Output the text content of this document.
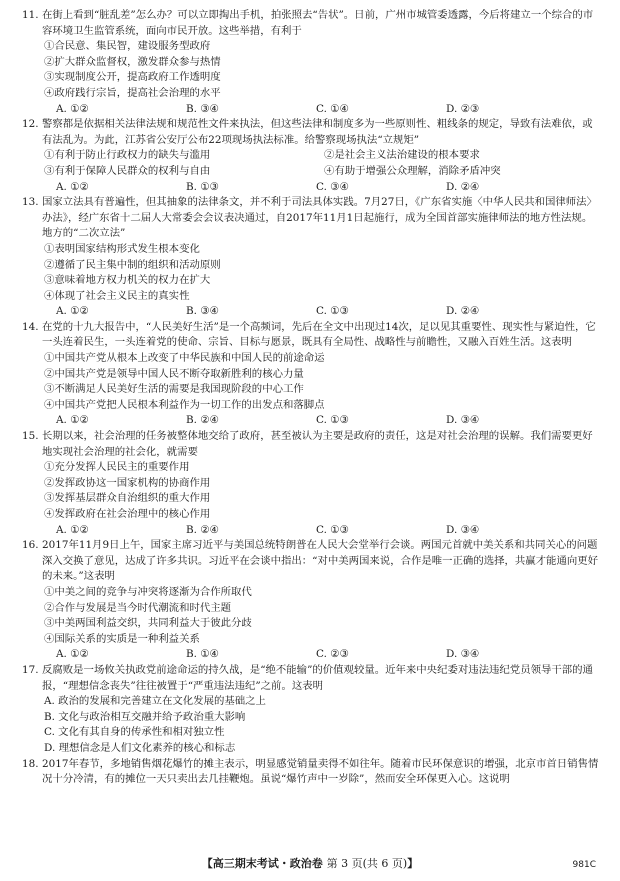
11. 在街上看到“脏乱差”怎么办？可以立即掏出手机，拍张照去“告状”。日前，广州市城管委透露，今后将建立一个综合的市容环境卫生监管系统，面向市民开放。这些举措，有利于

①合民意、集民智，建设服务型政府

②扩大群众监督权，激发群众参与热情

③实现制度公开，提高政府工作透明度

④政府践行宗旨，提高社会治理的水平

A. ①②	B. ③④	C. ①④	D. ②③

12. 警察都是依据相关法律法规和规范性文件来执法，但这些法律和制度多为一些原则性、粗线条的规定，导致有法难依，或有法乱为。为此，江苏省公安厅公布22项现场执法标准。给警察现场执法“立规矩”

①有利于防止行政权力的缺失与滥用	②是社会主义法治建设的根本要求
③有利于保障人民群众的权利与自由	④有助于增强公众理解，消除矛盾冲突
A. ①②	B. ①③	C. ③④	D. ②④

13. 国家立法具有普遍性，但其抽象的法律条文，并不利于司法具体实践。7月27日，《广东省实施〈中华人民共和国律师法〉办法》，经广东省十二届人大常委会会议表决通过，自2017年11月1日起施行，成为全国首部实施律师法的地方性法规。地方的“二次立法”

①表明国家结构形式发生根本变化

②遵循了民主集中制的组织和活动原则

③意味着地方权力机关的权力在扩大

④体现了社会主义民主的真实性

A. ①②	B. ③④	C. ①③	D. ②④

14. 在党的十九大报告中，“人民美好生活”是一个高频词，先后在全文中出现过14次，足以见其重要性、现实性与紧迫性，它一头连着民生，一头连着党的使命、宗旨、目标与愿景，既具有全局性、战略性与前瞻性，又融入百姓生活。这表明

①中国共产党从根本上改变了中华民族和中国人民的前途命运

②中国共产党是领导中国人民不断夺取新胜利的核心力量

③不断满足人民美好生活的需要是我国现阶段的中心工作

④中国共产党把人民根本利益作为一切工作的出发点和落脚点

A. ①②	B. ②④	C. ①③	D. ③④

15. 长期以来，社会治理的任务被整体地交给了政府，甚至被认为主要是政府的责任，这是对社会治理的误解。我们需要更好地实现社会治理的社会化，就需要

①充分发挥人民民主的重要作用

②发挥政协这一国家机构的协商作用

③发挥基层群众自治组织的重大作用

④发挥政府在社会治理中的核心作用

A. ①②	B. ②④	C. ①③	D. ③④

16. 2017年11月9日上午，国家主席习近平与美国总统特朗普在人民大会堂举行会谈。两国元首就中美关系和共同关心的问题深入交换了意见，达成了许多共识。习近平在会谈中指出：“对中美两国来说，合作是唯一正确的选择，共赢才能通向更好的未来。”这表明

①中美之间的竞争与冲突将逐渐为合作所取代

②合作与发展是当今时代潮流和时代主题

③中美两国利益交织，共同利益大于彼此分歧

④国际关系的实质是一种利益关系

A. ①②	B. ①④	C. ②③	D. ③④

17. 反腐败是一场攸关执政党前途命运的持久战，是“绝不能输”的价值观较量。近年来中央纪委对违法违纪党员领导干部的通报，“理想信念丧失”往往被置于“严重违法违纪”之前。这表明

A. 政治的发展和完善建立在文化发展的基础之上

B. 文化与政治相互交融并给予政治重大影响

C. 文化有其自身的传承性和相对独立性

D. 理想信念是人们文化素养的核心和标志

18. 2017年春节，多地销售烟花爆竹的摊主表示，明显感觉销量卖得不如往年。随着市民环保意识的增强，北京市首日销售情况十分冷清，有的摊位一天只卖出去几挂鞭炮。虽说“爆竹声中一岁除”，然而安全环保更入心。这说明

【高三期末考试・政治卷 第 3 页(共 6 页)】	981C
